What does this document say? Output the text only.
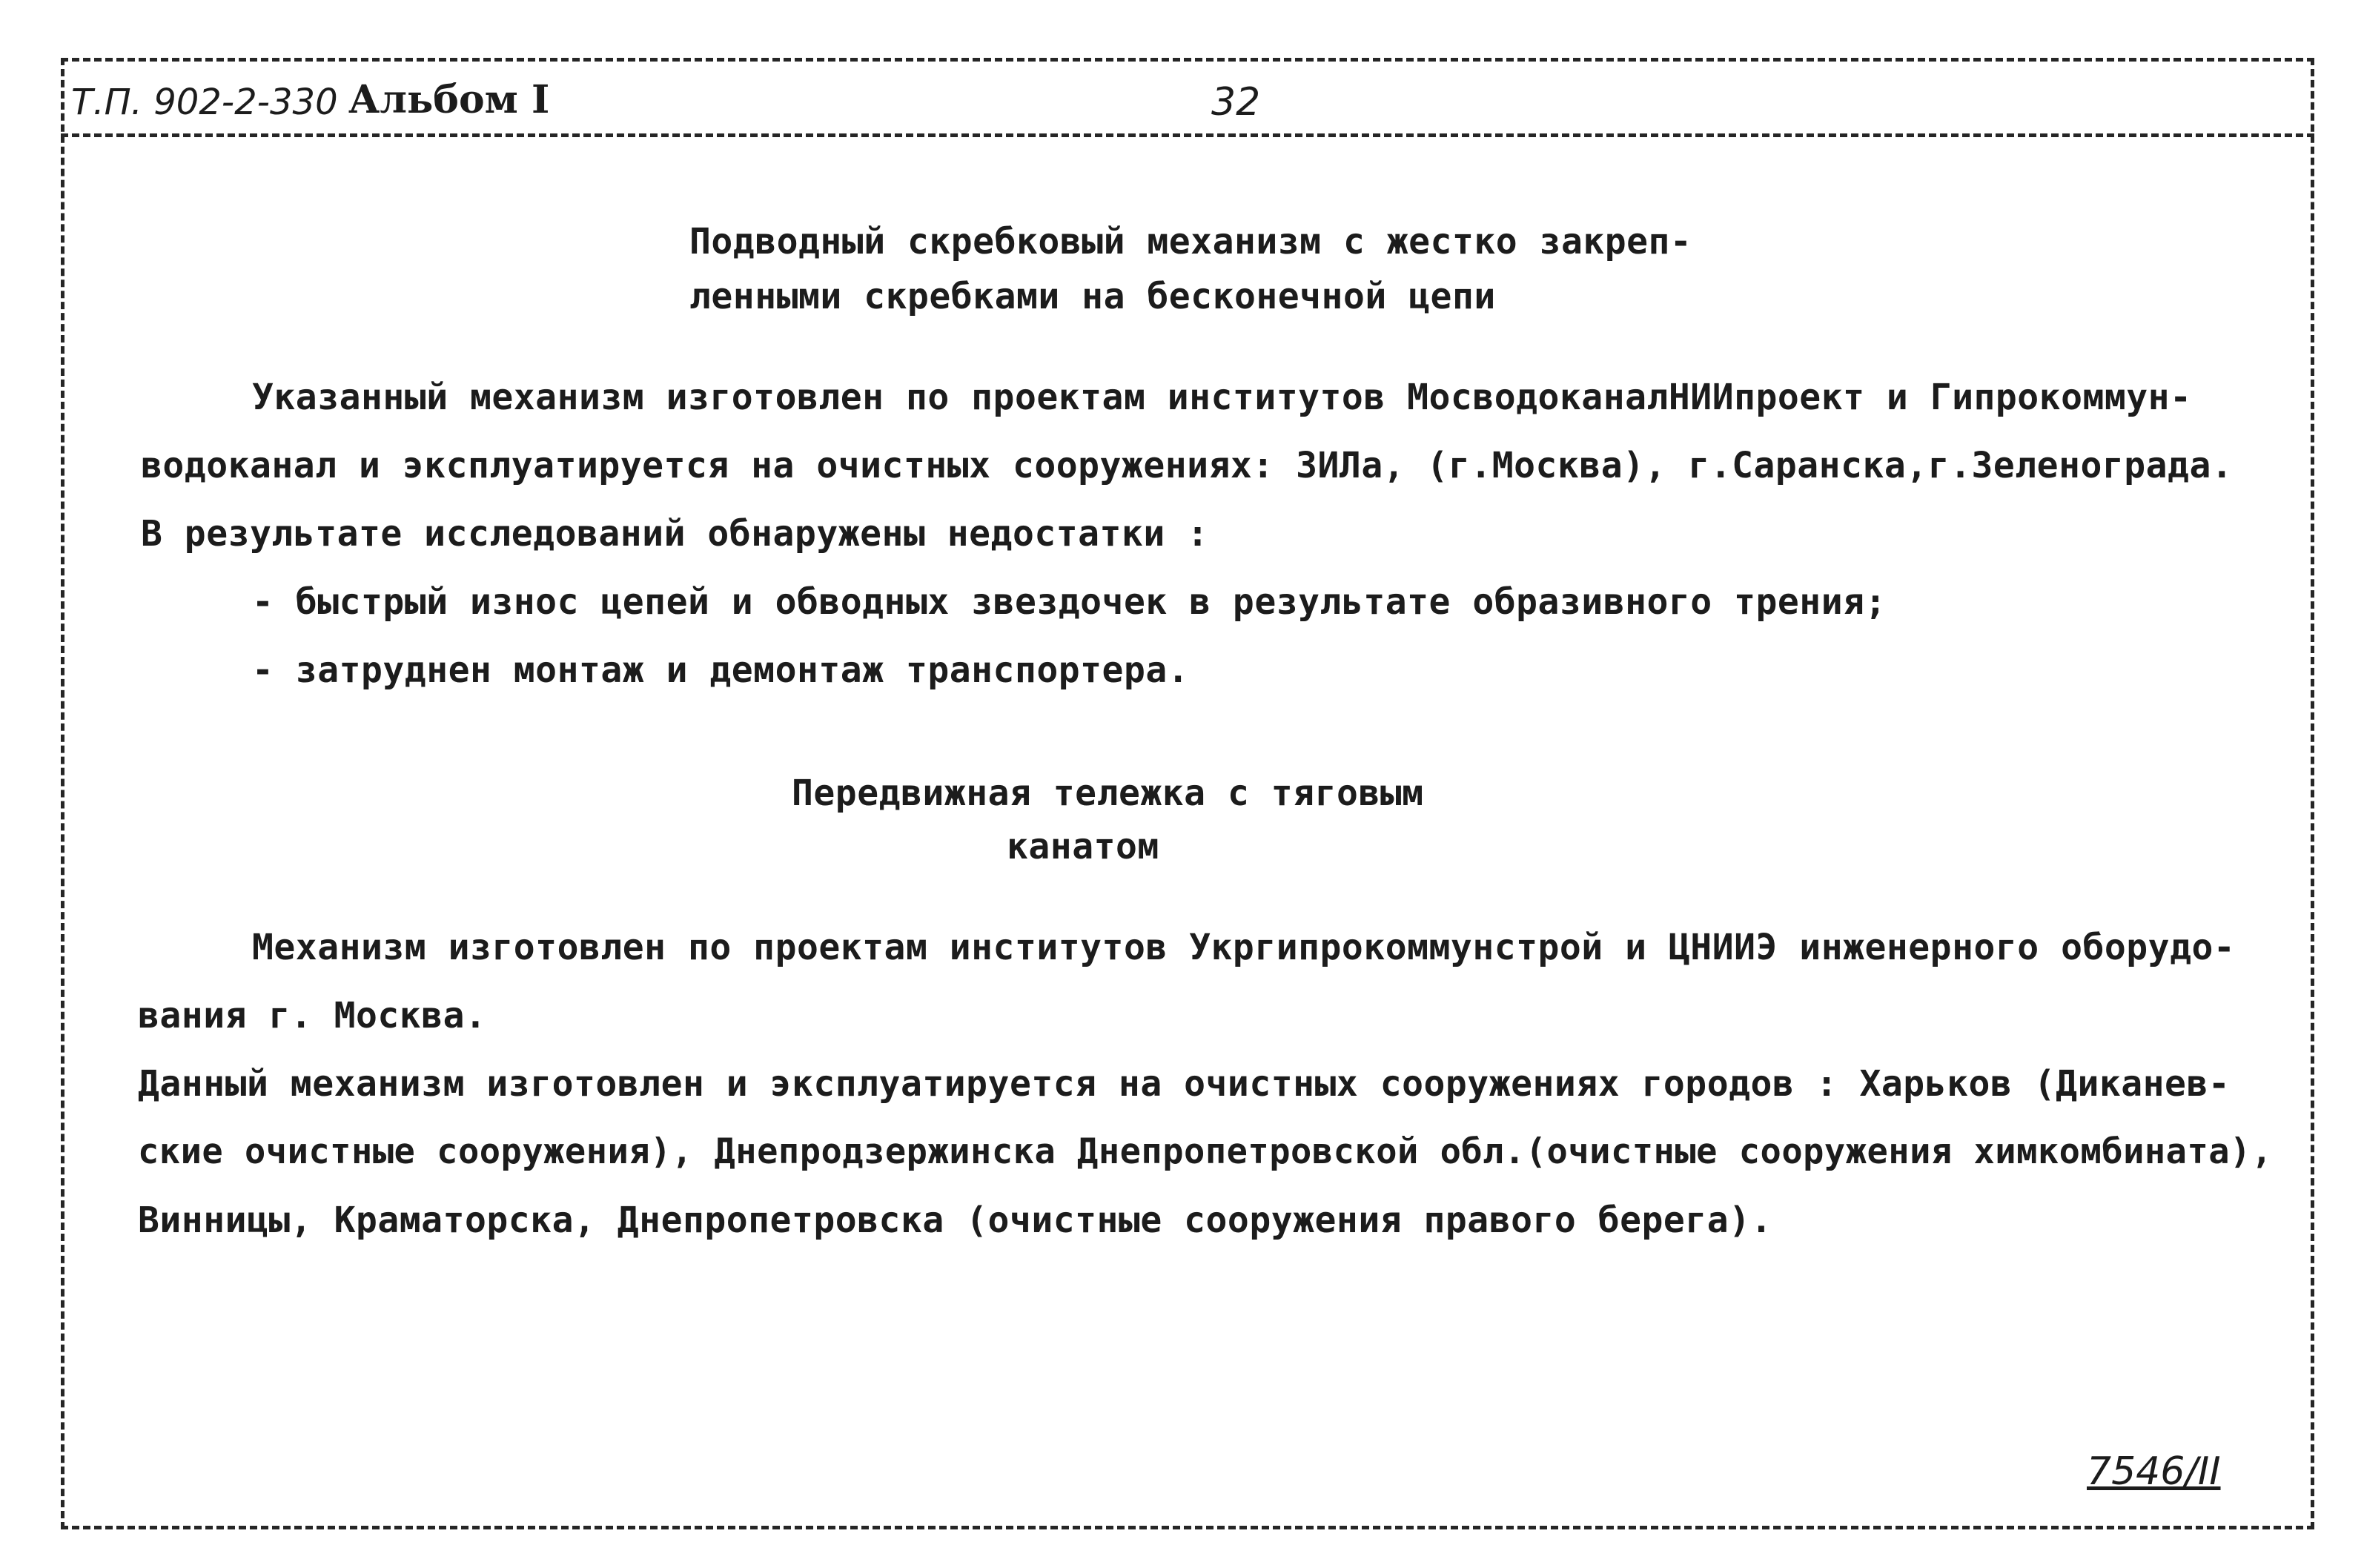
Т.П. 902-2-330 Альбом I	32
Подводный скребковый механизм с жестко закреп-
ленными скребками на бесконечной цепи
Указанный механизм изготовлен по проектам институтов МосводоканалНИИпроект и Гипрокоммун-
водоканал и эксплуатируется на очистных сооружениях: ЗИЛа, (г.Москва), г.Саранска,г.Зеленограда.
В результате исследований обнаружены недостатки :
- быстрый износ цепей и обводных звездочек в результате образивного трения;
- затруднен монтаж и демонтаж транспортера.
Передвижная тележка с тяговым
канатом
Механизм изготовлен по проектам институтов Укргипрокоммунстрой и ЦНИИЭ инженерного оборудо-
вания г. Москва.
Данный механизм изготовлен и эксплуатируется на очистных сооружениях городов : Харьков (Диканев-
ские очистные сооружения), Днепродзержинска Днепропетровской обл.(очистные сооружения химкомбината),
Винницы, Краматорска, Днепропетровска (очистные сооружения правого берега).
7546/II
